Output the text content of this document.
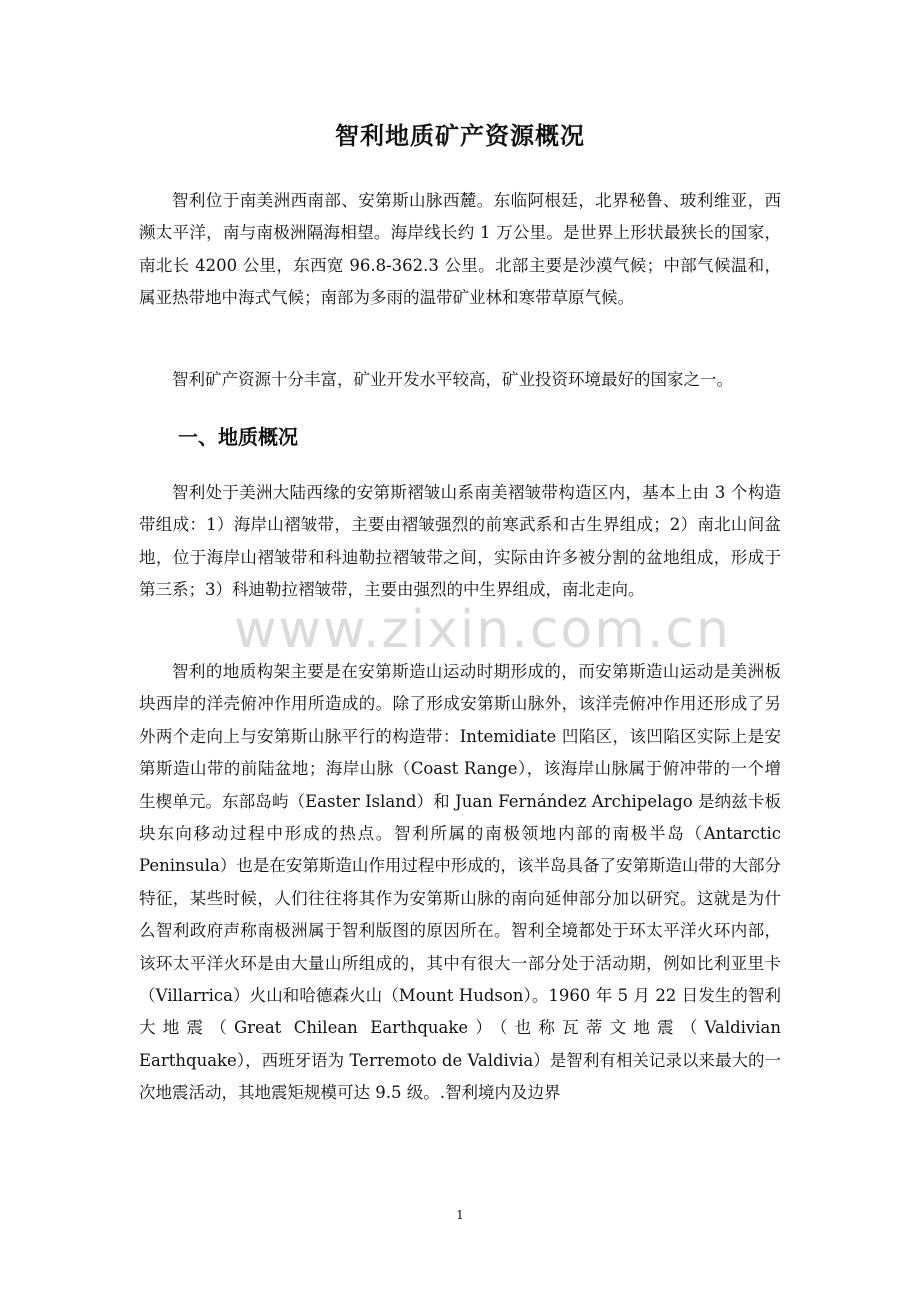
智利地质矿产资源概况

智利位于南美洲西南部、安第斯山脉西麓。东临阿根廷，北界秘鲁、玻利维亚，西濒太平洋，南与南极洲隔海相望。海岸线长约 1 万公里。是世界上形状最狭长的国家，南北长 4200 公里，东西宽 96.8-362.3 公里。北部主要是沙漠气候；中部气候温和，属亚热带地中海式气候；南部为多雨的温带矿业林和寒带草原气候。

智利矿产资源十分丰富，矿业开发水平较高，矿业投资环境最好的国家之一。

一、地质概况

智利处于美洲大陆西缘的安第斯褶皱山系南美褶皱带构造区内，基本上由 3 个构造带组成：1）海岸山褶皱带，主要由褶皱强烈的前寒武系和古生界组成；2）南北山间盆地，位于海岸山褶皱带和科迪勒拉褶皱带之间，实际由许多被分割的盆地组成，形成于第三系；3）科迪勒拉褶皱带，主要由强烈的中生界组成，南北走向。

智利的地质构架主要是在安第斯造山运动时期形成的，而安第斯造山运动是美洲板块西岸的洋壳俯冲作用所造成的。除了形成安第斯山脉外，该洋壳俯冲作用还形成了另外两个走向上与安第斯山脉平行的构造带：Intemidiate 凹陷区，该凹陷区实际上是安第斯造山带的前陆盆地；海岸山脉（Coast Range），该海岸山脉属于俯冲带的一个增生楔单元。东部岛屿（Easter Island）和 Juan Fernández Archipelago 是纳兹卡板块东向移动过程中形成的热点。智利所属的南极领地内部的南极半岛（Antarctic Peninsula）也是在安第斯造山作用过程中形成的，该半岛具备了安第斯造山带的大部分特征，某些时候，人们往往将其作为安第斯山脉的南向延伸部分加以研究。这就是为什么智利政府声称南极洲属于智利版图的原因所在。智利全境都处于环太平洋火环内部，该环太平洋火环是由大量山所组成的，其中有很大一部分处于活动期，例如比利亚里卡（Villarrica）火山和哈德森火山（Mount Hudson）。1960 年 5 月 22 日发生的智利大地震（Great Chilean Earthquake）（也称瓦蒂文地震（Valdivian Earthquake），西班牙语为 Terremoto de Valdivia）是智利有相关记录以来最大的一次地震活动，其地震矩规模可达 9.5 级。.智利境内及边界

www.zixin.com.cn
1
